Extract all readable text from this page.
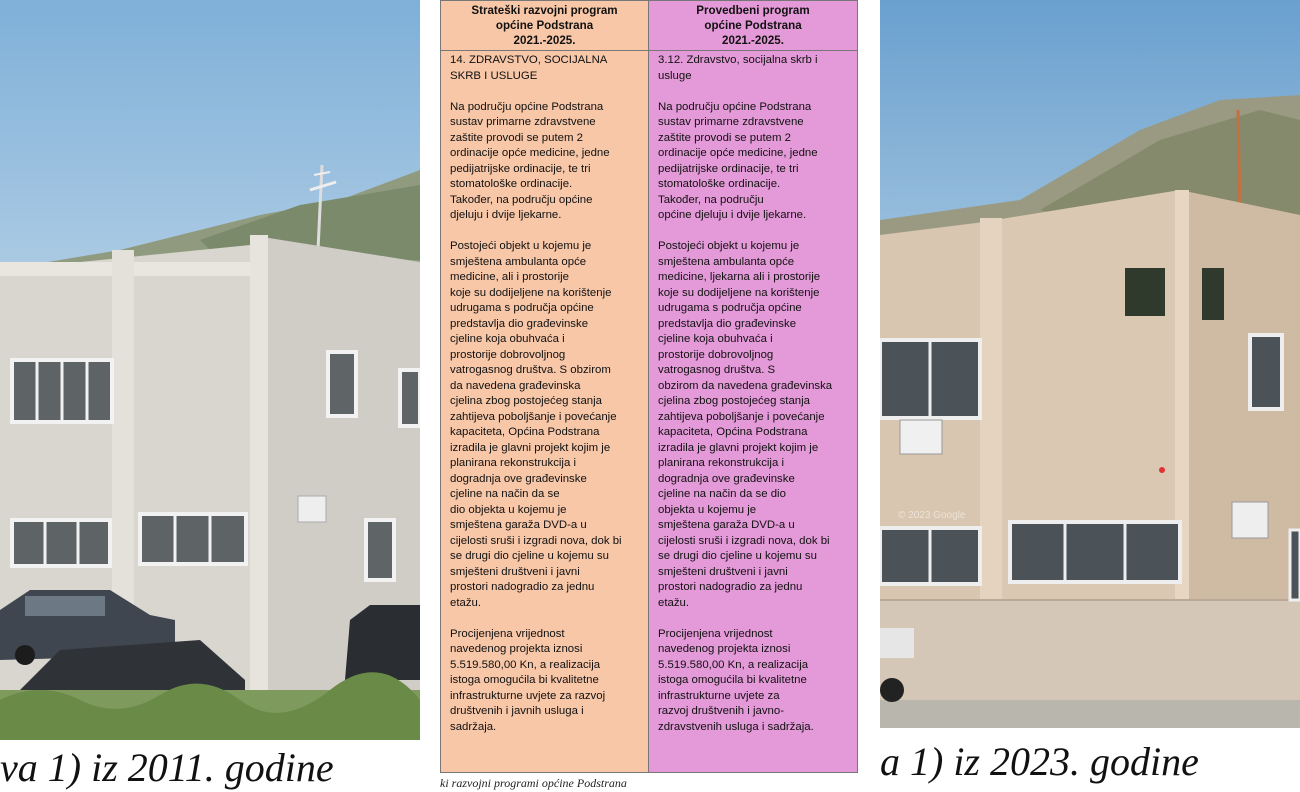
© 2023 Google
va 1) iz 2011. godine	a 1) iz 2023. godine
Strateški razvojni program
općine Podstrana
2021.-2025.

14. ZDRAVSTVO, SOCIJALNA
SKRB I USLUGE

Na području općine Podstrana
sustav primarne zdravstvene
zaštite provodi se putem 2
ordinacije opće medicine, jedne
pedijatrijske ordinacije, te tri
stomatološke ordinacije.
Također, na području općine
djeluju i dvije ljekarne.

Postojeći objekt u kojemu je
smještena ambulanta opće
medicine, ali i prostorije
koje su dodijeljene na korištenje
udrugama s područja općine
predstavlja dio građevinske
cjeline koja obuhvaća i
prostorije dobrovoljnog
vatrogasnog društva. S obzirom
da navedena građevinska
cjelina zbog postojećeg stanja
zahtijeva poboljšanje i povećanje
kapaciteta, Općina Podstrana
izradila je glavni projekt kojim je
planirana rekonstrukcija i
dogradnja ove građevinske
cjeline na način da se
dio objekta u kojemu je
smještena garaža DVD-a u
cijelosti sruši i izgradi nova, dok bi
se drugi dio cjeline u kojemu su
smješteni društveni i javni
prostori nadogradio za jednu
etažu.

Procijenjena vrijednost
navedenog projekta iznosi
5.519.580,00 Kn, a realizacija
istoga omogućila bi kvalitetne
infrastrukturne uvjete za razvoj
društvenih i javnih usluga i
sadržaja.

Provedbeni program
općine Podstrana
2021.-2025.

3.12. Zdravstvo, socijalna skrb i
usluge

Na području općine Podstrana
sustav primarne zdravstvene
zaštite provodi se putem 2
ordinacije opće medicine, jedne
pedijatrijske ordinacije, te tri
stomatološke ordinacije.
Također, na području
općine djeluju i dvije ljekarne.

Postojeći objekt u kojemu je
smještena ambulanta opće
medicine, ljekarna ali i prostorije
koje su dodijeljene na korištenje
udrugama s područja općine
predstavlja dio građevinske
cjeline koja obuhvaća i
prostorije dobrovoljnog
vatrogasnog društva. S
obzirom da navedena građevinska
cjelina zbog postojećeg stanja
zahtijeva poboljšanje i povećanje
kapaciteta, Općina Podstrana
izradila je glavni projekt kojim je
planirana rekonstrukcija i
dogradnja ove građevinske
cjeline na način da se dio
objekta u kojemu je
smještena garaža DVD-a u
cijelosti sruši i izgradi nova, dok bi
se drugi dio cjeline u kojemu su
smješteni društveni i javni
prostori nadogradio za jednu
etažu.

Procijenjena vrijednost
navedenog projekta iznosi
5.519.580,00 Kn, a realizacija
istoga omogućila bi kvalitetne
infrastrukturne uvjete za
razvoj društvenih i javno-
zdravstvenih usluga i sadržaja.

ki razvojni programi općine Podstrana
